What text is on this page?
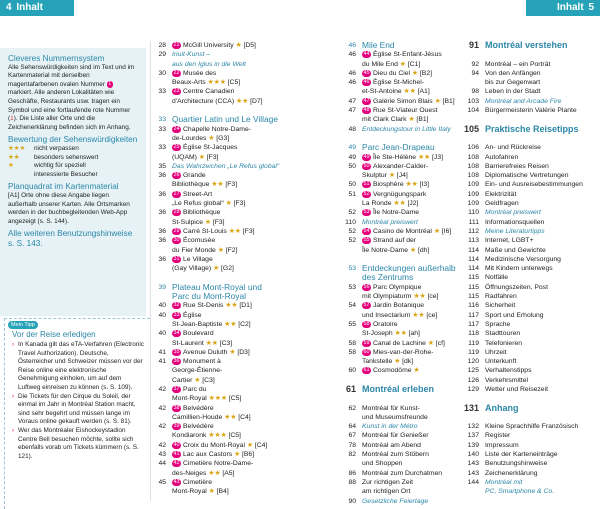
4 Inhalt	Inhalt 5
Cleveres Nummernsystem
Alle Sehenswürdigkeiten sind im Text und im Kartenmaterial mit derselben magentafarbenen ovalen Nummer 1 markiert. Alle anderen Lokalitäten wie Geschäfte, Restaurants usw. tragen ein Symbol und eine fortlaufende rote Nummer (1). Die Liste aller Orte und die Zeichenerklärung befinden sich im Anhang.
Bewertung der Sehenswürdigkeiten
★★★	nicht verpassen
★★	besonders sehenswert
★	wichtig für speziell
interessierte Besucher
Planquadrat im Kartenmaterial
[A1] Orte ohne diese Angabe liegen außerhalb unserer Karten. Alle Ortsmarken werden in der buchbegleitenden Web-App angezeigt (s. S. 144).
Alle weiteren Benutzungshinweise s. S. 143.
Mein Tipp
Vor der Reise erledigen
› In Kanada gilt das eTA-Verfahren (Electronic Travel Authorization). Deutsche, Österreicher und Schweizer müssen vor der Reise online eine elektronische Genehmigung einholen, um auf dem Luftweg einreisen zu können (s. S. 109).
› Die Tickets für den Cirque du Soleil, der einmal im Jahr in Montréal Station macht, sind sehr begehrt und müssen lange im Voraus online gekauft werden (s. S. 81).
› Wer das Montréaler Eishockeystadion Centre Bell besuchen möchte, sollte sich ebenfalls vorab um Tickets kümmern (s. S. 121).
28 21 McGill University ★ [D5]
29 Inuit-Kunst –
aus den Iglus in die Welt
30 22 Musée des
Beaux-Arts ★★★ [C5]
33 23 Centre Canadien
d'Architecture (CCA) ★★ [D7]

33 Quartier Latin und Le Village
33 24 Chapelle Notre-Dame-
de-Lourdes ★ [G3]
33 25 Église St-Jacques
(UQAM) ★ [F3]
35 Das Wahrzeichen „Le Refus global“
36 26 Grande
Bibliothèque ★★ [F3]
36 27 Street-Art
„Le Refus global“ ★ [F3]
36 28 Bibliothèque
St-Sulpice ★ [F3]
36 29 Carré St-Louis ★★ [F3]
36 30 Écomusée
du Fier Monde ★ [F2]
36 31 Le Village
(Gay Village) ★ [G2]

39 Plateau Mont-Royal und
Parc du Mont-Royal
40 32 Rue St-Denis ★★ [D1]
40 33 Église
St-Jean-Baptiste ★★ [C2]
40 34 Boulevard
St-Laurent ★★ [C3]
41 35 Avenue Duluth ★ [D3]
41 36 Monument à
George-Étienne-
Cartier ★ [C3]
42 37 Parc du
Mont-Royal ★★★ [C5]
42 38 Belvédère
Camillien-Houde ★★ [C4]
42 39 Belvédère
Kondiaronk ★★★ [C5]
42 40 Croix du Mont-Royal ★ [C4]
43 41 Lac aux Castors ★ [B6]
44 42 Cimetière Notre-Dame-
des-Neiges ★★ [A5]
45 43 Cimetière
Mont-Royal ★ [B4]
46 Mile End
46 44 Église St-Enfant-Jésus
du Mile End ★ [C1]
46 45 Dieu du Ciel ★ [B2]
46 46 Église St-Michel-
et-St-Antoine ★★ [A1]
47 47 Galérie Simon Blais ★ [B1]
47 48 Rue St-Viateur Ouest
mit Clark Clark ★ [B1]
48 Entdeckungstour in Little Italy

49 Parc Jean-Drapeau
49 49 Île Ste-Hélène ★★ [J3]
50 50 Alexander-Calder-
Skulptur ★ [J4]
50 51 Biosphère ★★ [I3]
51 52 Vergnügungspark
La Ronde ★★ [J2]
52 53 Île Notre-Dame
110 Montréal preiswert
52 54 Casino de Montréal ★ [I6]
52 55 Strand auf der
Île Notre-Dame ★ [dh]

53 Entdeckungen außerhalb
des Zentrums
53 56 Parc Olympique
mit Olympiaturm ★★ [ce]
54 57 Jardin Botanique
und Insectarium ★★ [ce]
55 58 Oratoire
St-Joseph ★★ [ah]
58 59 Canal de Lachine ★ [cf]
58 60 Mies-van-der-Rohe-
Tankstelle ★ [dk]
60 61 Cosmodôme ★

61 Montréal erleben

62 Montréal für Kunst-
und Museumsfreunde
64 Kunst in der Métro
67 Montréal für Genießer
78 Montréal am Abend
82 Montréal zum Stöbern
und Shoppen
86 Montréal zum Durchatmen
88 Zur richtigen Zeit
am richtigen Ort
90 Gesetzliche Feiertage
91 Montréal verstehen

92 Montréal – ein Porträt
94 Von den Anfängen
bis zur Gegenwart
98 Leben in der Stadt
103 Montréal and Arcade Fire
104 Bürgermeisterin Valérie Plante

105 Praktische Reisetipps

106 An- und Rückreise
108 Autofahren
108 Barrierefreies Reisen
108 Diplomatische Vertretungen
109 Ein- und Ausreisebestimmungen
109 Elektrizität
109 Geldfragen
110 Montréal preiswert
111 Informationsquellen
112 Meine Literaturtipps
113 Internet, LGBT+
114 Maße und Gewichte
114 Medizinische Versorgung
114 Mit Kindern unterwegs
115 Notfälle
115 Öffnungszeiten, Post
115 Radfahren
116 Sicherheit
117 Sport und Erholung
117 Sprache
118 Stadttouren
119 Telefonieren
119 Uhrzeit
120 Unterkunft
125 Verhaltenstipps
126 Verkehrsmittel
129 Wetter und Reisezeit

131 Anhang

132 Kleine Sprachhilfe Französisch
137 Register
139 Impressum
140 Liste der Karteneinträge
143 Benutzungshinweise
143 Zeichenerklärung
144 Montréal mit
PC, Smartphone & Co.
